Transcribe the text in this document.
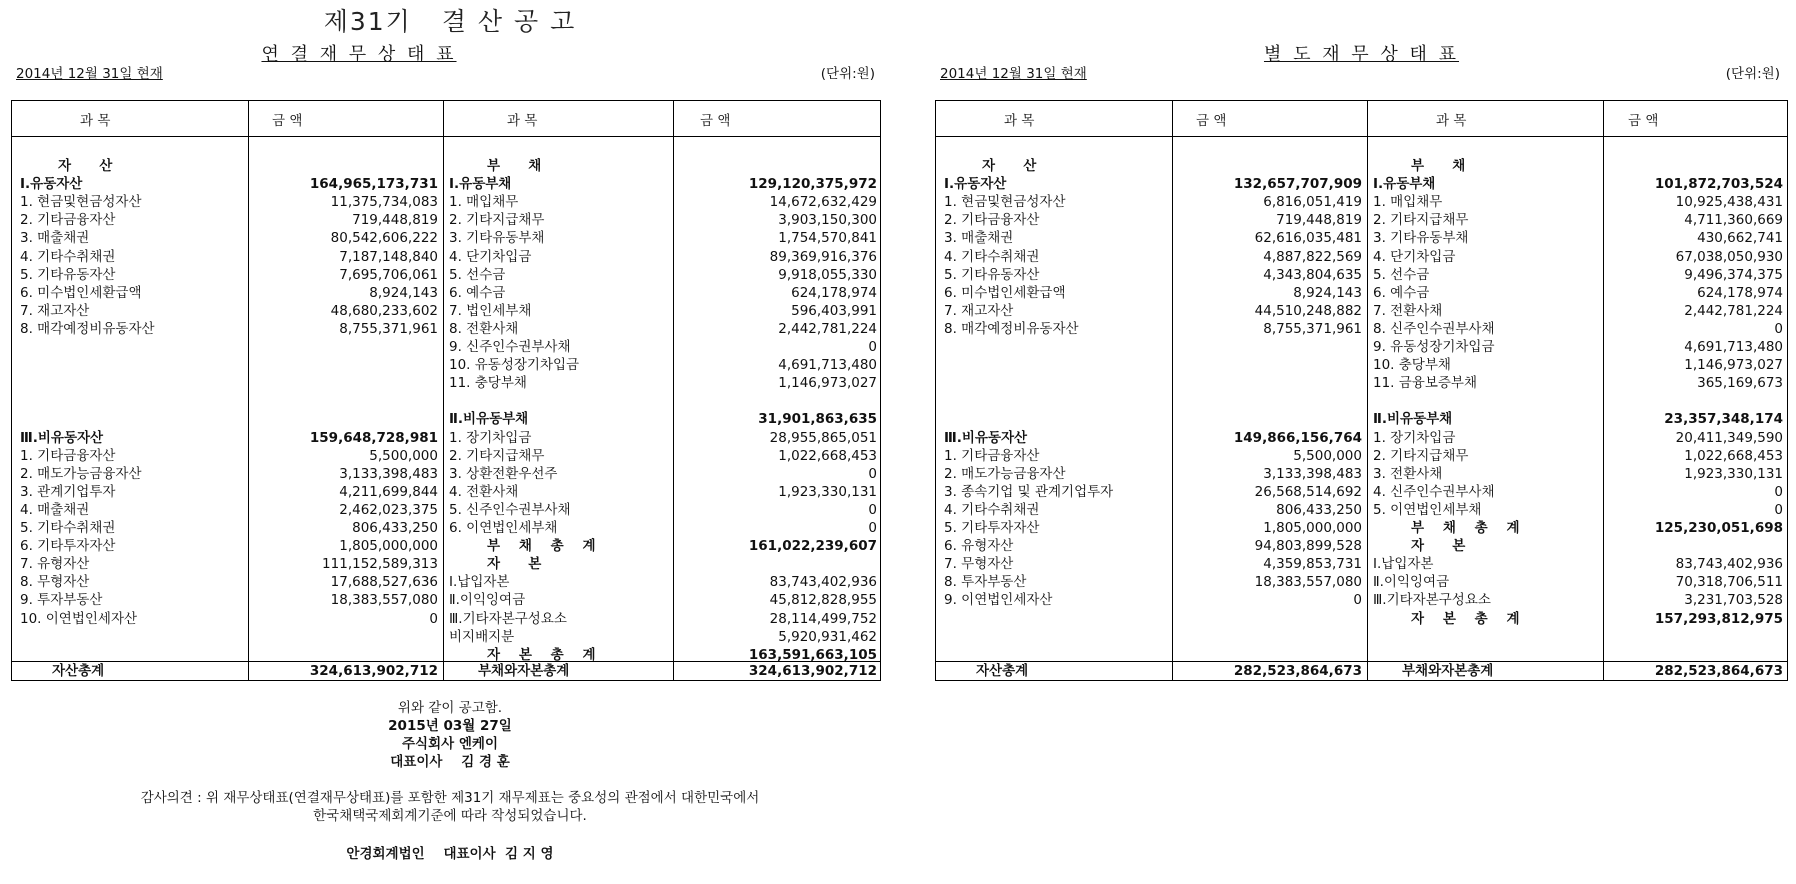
제31기 결 산 공 고
연 결 재 무 상 태 표
2014년 12월 31일 현재	(단위:원)
과 목	금 액	과 목	금 액
자산총계	324,613,902,712	부채와자본총계	324,613,902,712
자      산
Ⅰ.유동자산	164,965,173,731
1. 현금및현금성자산	11,375,734,083
2. 기타금융자산	719,448,819
3. 매출채권	80,542,606,222
4. 기타수취채권	7,187,148,840
5. 기타유동자산	7,695,706,061
6. 미수법인세환급액	8,924,143
7. 재고자산	48,680,233,602
8. 매각예정비유동자산	8,755,371,961
Ⅲ.비유동자산	159,648,728,981
1. 기타금융자산	5,500,000
2. 매도가능금융자산	3,133,398,483
3. 관계기업투자	4,211,699,844
4. 매출채권	2,462,023,375
5. 기타수취채권	806,433,250
6. 기타투자자산	1,805,000,000
7. 유형자산	111,152,589,313
8. 무형자산	17,688,527,636
9. 투자부동산	18,383,557,080
10. 이연법인세자산	0
부      채
Ⅰ.유동부채	129,120,375,972
1. 매입채무	14,672,632,429
2. 기타지급채무	3,903,150,300
3. 기타유동부채	1,754,570,841
4. 단기차입금	89,369,916,376
5. 선수금	9,918,055,330
6. 예수금	624,178,974
7. 법인세부채	596,403,991
8. 전환사채	2,442,781,224
9. 신주인수권부사채	0
10. 유동성장기차입금	4,691,713,480
11. 충당부채	1,146,973,027
Ⅱ.비유동부채	31,901,863,635
1. 장기차입금	28,955,865,051
2. 기타지급채무	1,022,668,453
3. 상환전환우선주	0
4. 전환사채	1,923,330,131
5. 신주인수권부사채	0
6. 이연법인세부채	0
부    채    총    계	161,022,239,607
자      본
Ⅰ.납입자본	83,743,402,936
Ⅱ.이익잉여금	45,812,828,955
Ⅲ.기타자본구성요소	28,114,499,752
비지배지분	5,920,931,462
자    본    총    계	163,591,663,105
별 도 재 무 상 태 표
2014년 12월 31일 현재	(단위:원)
과 목	금 액	과 목	금 액
자산총계	282,523,864,673	부채와자본총계	282,523,864,673
자      산
Ⅰ.유동자산	132,657,707,909
1. 현금및현금성자산	6,816,051,419
2. 기타금융자산	719,448,819
3. 매출채권	62,616,035,481
4. 기타수취채권	4,887,822,569
5. 기타유동자산	4,343,804,635
6. 미수법인세환급액	8,924,143
7. 재고자산	44,510,248,882
8. 매각예정비유동자산	8,755,371,961
Ⅲ.비유동자산	149,866,156,764
1. 기타금융자산	5,500,000
2. 매도가능금융자산	3,133,398,483
3. 종속기업 및 관계기업투자	26,568,514,692
4. 기타수취채권	806,433,250
5. 기타투자자산	1,805,000,000
6. 유형자산	94,803,899,528
7. 무형자산	4,359,853,731
8. 투자부동산	18,383,557,080
9. 이연법인세자산	0
부      채
Ⅰ.유동부채	101,872,703,524
1. 매입채무	10,925,438,431
2. 기타지급채무	4,711,360,669
3. 기타유동부채	430,662,741
4. 단기차입금	67,038,050,930
5. 선수금	9,496,374,375
6. 예수금	624,178,974
7. 전환사채	2,442,781,224
8. 신주인수권부사채	0
9. 유동성장기차입금	4,691,713,480
10. 충당부채	1,146,973,027
11. 금융보증부채	365,169,673
Ⅱ.비유동부채	23,357,348,174
1. 장기차입금	20,411,349,590
2. 기타지급채무	1,022,668,453
3. 전환사채	1,923,330,131
4. 신주인수권부사채	0
5. 이연법인세부채	0
부    채    총    계	125,230,051,698
자      본
Ⅰ.납입자본	83,743,402,936
Ⅱ.이익잉여금	70,318,706,511
Ⅲ.기타자본구성요소	3,231,703,528
자    본    총    계	157,293,812,975
위와 같이 공고함.
2015년 03월 27일
주식회사 엔케이
대표이사    김 경 훈
감사의견 : 위 재무상태표(연결재무상태표)를 포함한 제31기 재무제표는 중요성의 관점에서 대한민국에서
한국채택국제회계기준에 따라 작성되었습니다.
안경회계법인    대표이사  김 지 영
